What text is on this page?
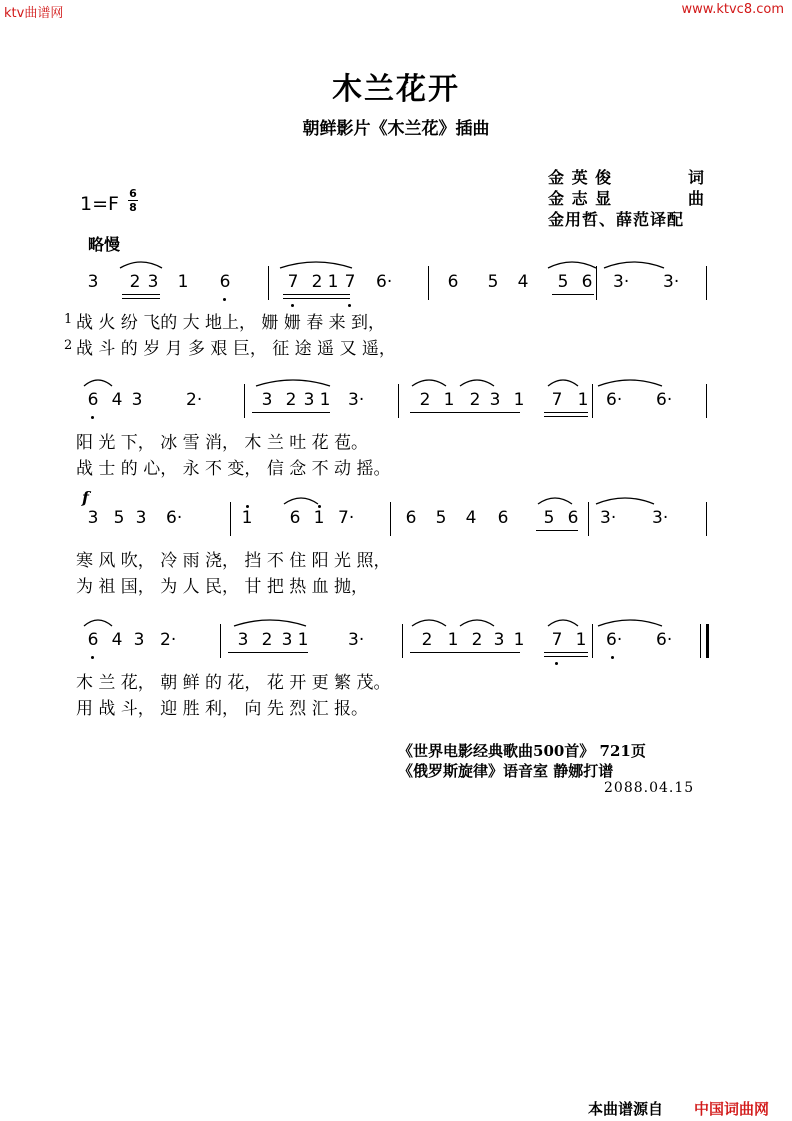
ktv曲谱网	www.ktvc8.com
木兰花开
朝鲜影片《木兰花》插曲
金 英 俊	词
金 志 显	曲
金用哲、薛范译配
1=F 6
8
略慢
f
3 2 3 1 6	7 2 1 7 6·	6 5 4 5 6 3· 3·
6 4 3	2·	3 2 3 1 3·	2 1 2 3 1 7 1 6· 6·
3 5 3 6·	1 6 1 7·	6 5 4 6 5 6 3· 3·
6 4 3 2·	3 2 3 1 3·	2 1 2 3 1 7 1 6· 6·
1 战 火 纷 飞的 大 地上， 姗 姗 春 来 到，
2 战 斗 的 岁 月 多 艰 巨， 征 途 遥 又 遥，
阳 光 下， 冰 雪 消， 木 兰 吐 花 苞。
战 士 的 心， 永 不 变， 信 念 不 动 摇。
寒 风 吹， 冷 雨 浇， 挡 不 住 阳 光 照，
为 祖 国， 为 人 民， 甘 把 热 血 抛，
木 兰 花， 朝 鲜 的 花， 花 开 更 繁 茂。
用 战 斗， 迎 胜 利， 向 先 烈 汇 报。
《世界电影经典歌曲500首》 721页
《俄罗斯旋律》语音室 静娜打谱
2088.04.15
本曲谱源自 中国词曲网
